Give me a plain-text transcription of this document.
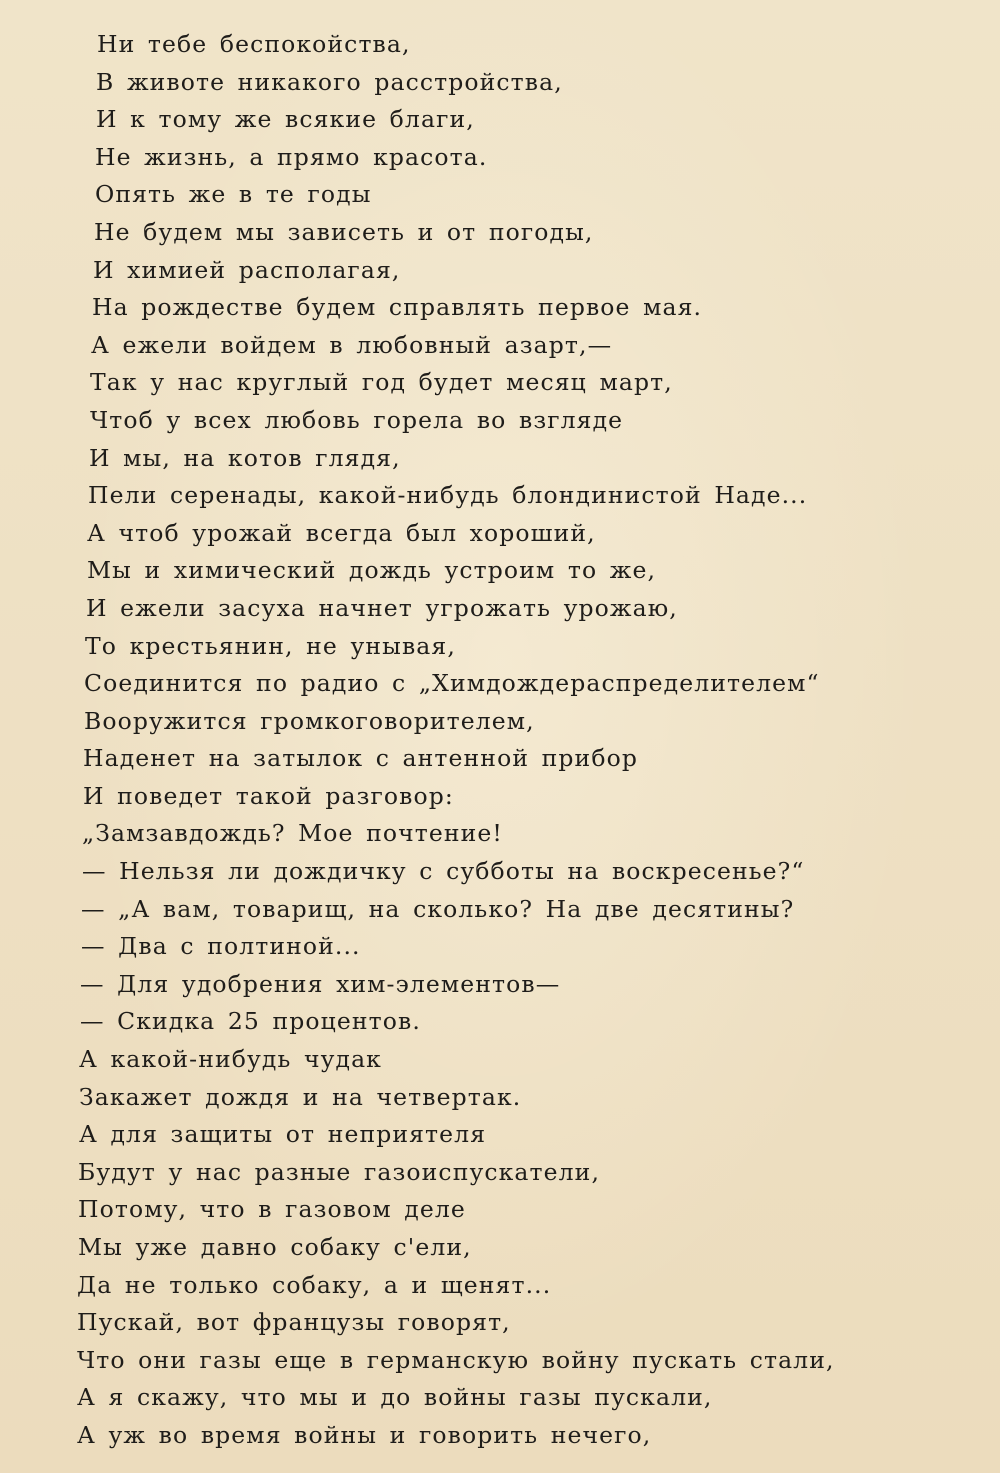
Ни тебе беспокойства,
В животе никакого расстройства,
И к тому же всякие благи,
Не жизнь, а прямо красота.
Опять же в те годы
Не будем мы зависеть и от погоды,
И химией располагая,
На рождестве будем справлять первое мая.
А ежели войдем в любовный азарт,—
Так у нас круглый год будет месяц март,
Чтоб у всех любовь горела во взгляде
И мы, на котов глядя,
Пели серенады, какой-нибудь блондинистой Наде...
А чтоб урожай всегда был хороший,
Мы и химический дождь устроим то же,
И ежели засуха начнет угрожать урожаю,
То крестьянин, не унывая,
Соединится по радио с „Химдождераспределителем“
Вооружится громкоговорителем,
Наденет на затылок с антенной прибор
И поведет такой разговор:
„Замзавдождь? Мое почтение!
— Нельзя ли дождичку с субботы на воскресенье?“
— „А вам, товарищ, на сколько? На две десятины?
— Два с полтиной...
— Для удобрения хим-элементов—
— Скидка 25 процентов.
А какой-нибудь чудак
Закажет дождя и на четвертак.
А для защиты от неприятеля
Будут у нас разные газоиспускатели,
Потому, что в газовом деле
Мы уже давно собаку с'ели,
Да не только собаку, а и щенят...
Пускай, вот французы говорят,
Что они газы еще в германскую войну пускать стали,
А я скажу, что мы и до войны газы пускали,
А уж во время войны и говорить нечего,
